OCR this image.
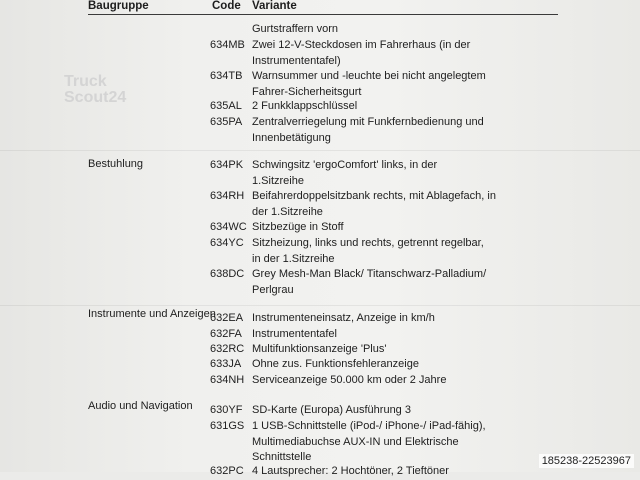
Baugruppe	Code Variante
Truck
Scout24
Bestuhlung
Instrumente und Anzeigen
Audio und Navigation
Gurtstraffern vorn
634MB Zwei 12-V-Steckdosen im Fahrerhaus (in der
Instrumententafel)
634TB Warnsummer und -leuchte bei nicht angelegtem
Fahrer-Sicherheitsgurt
635AL 2 Funkklappschlüssel
635PA Zentralverriegelung mit Funkfernbedienung und
Innenbetätigung
634PK Schwingsitz 'ergoComfort' links, in der
1.Sitzreihe
634RH Beifahrerdoppelsitzbank rechts, mit Ablagefach, in
der 1.Sitzreihe
634WC Sitzbezüge in Stoff
634YC Sitzheizung, links und rechts, getrennt regelbar,
in der 1.Sitzreihe
638DC Grey Mesh-Man Black/ Titanschwarz-Palladium/
Perlgrau
632EA Instrumenteneinsatz, Anzeige in km/h
632FA Instrumententafel
632RC Multifunktionsanzeige 'Plus'
633JA Ohne zus. Funktionsfehleranzeige
634NH Serviceanzeige 50.000 km oder 2 Jahre
630YF SD-Karte (Europa) Ausführung 3
631GS 1 USB-Schnittstelle (iPod-/ iPhone-/ iPad-fähig),
Multimediabuchse AUX-IN und Elektrische
Schnittstelle
632PC 4 Lautsprecher: 2 Hochtöner, 2 Tieftöner
185238-22523967
